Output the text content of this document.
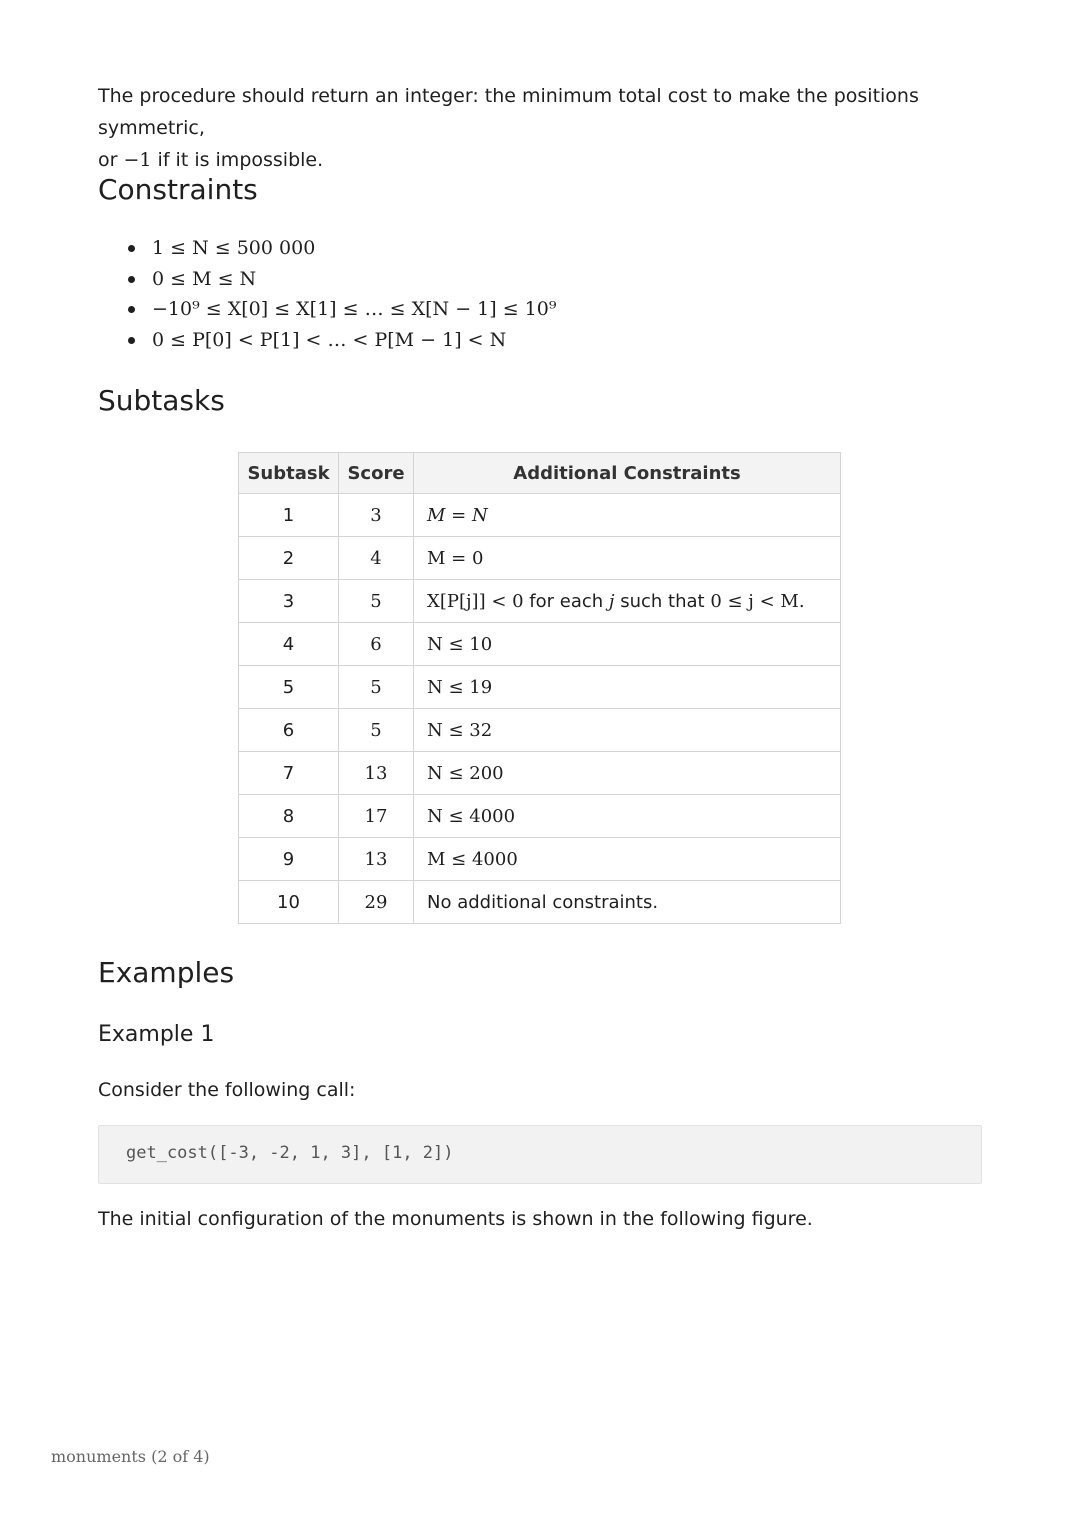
The procedure should return an integer: the minimum total cost to make the positions symmetric,

or −1 if it is impossible.

Constraints
1 ≤ N ≤ 500 000
0 ≤ M ≤ N
−10⁹ ≤ X[0] ≤ X[1] ≤ … ≤ X[N − 1] ≤ 10⁹
0 ≤ P[0] < P[1] < … < P[M − 1] < N
Subtasks
Subtask	Score	Additional Constraints
1	3	M = N
2	4	M = 0
3	5	X[P[j]] < 0 for each j such that 0 ≤ j < M.
4	6	N ≤ 10
5	5	N ≤ 19
6	5	N ≤ 32
7	13	N ≤ 200
8	17	N ≤ 4000
9	13	M ≤ 4000
10	29	No additional constraints.
Examples
Example 1

Consider the following call:

get_cost([-3, -2, 1, 3], [1, 2])

The initial configuration of the monuments is shown in the following figure.

monuments (2 of 4)
